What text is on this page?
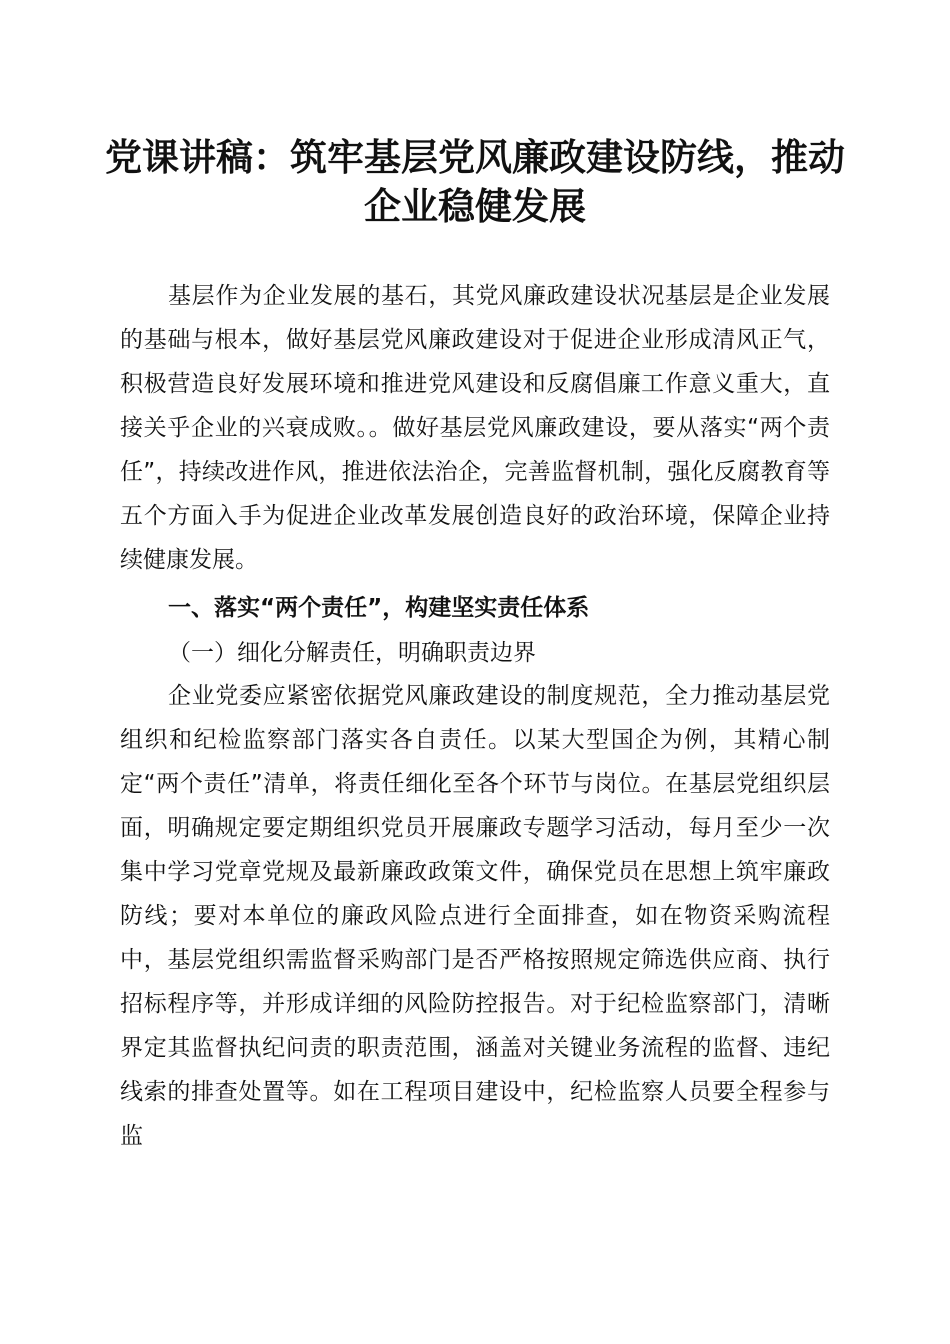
党课讲稿：筑牢基层党风廉政建设防线，推动
企业稳健发展

基层作为企业发展的基石，其党风廉政建设状况基层是企业发展的基础与根本，做好基层党风廉政建设对于促进企业形成清风正气，积极营造良好发展环境和推进党风建设和反腐倡廉工作意义重大，直接关乎企业的兴衰成败。。做好基层党风廉政建设，要从落实“两个责任”，持续改进作风，推进依法治企，完善监督机制，强化反腐教育等五个方面入手为促进企业改革发展创造良好的政治环境，保障企业持续健康发展。

一、落实“两个责任”，构建坚实责任体系

（一）细化分解责任，明确职责边界

企业党委应紧密依据党风廉政建设的制度规范，全力推动基层党组织和纪检监察部门落实各自责任。以某大型国企为例，其精心制定“两个责任”清单，将责任细化至各个环节与岗位。在基层党组织层面，明确规定要定期组织党员开展廉政专题学习活动，每月至少一次集中学习党章党规及最新廉政政策文件，确保党员在思想上筑牢廉政防线；要对本单位的廉政风险点进行全面排查，如在物资采购流程中，基层党组织需监督采购部门是否严格按照规定筛选供应商、执行招标程序等，并形成详细的风险防控报告。对于纪检监察部门，清晰界定其监督执纪问责的职责范围，涵盖对关键业务流程的监督、违纪线索的排查处置等。如在工程项目建设中，纪检监察人员要全程参与监
